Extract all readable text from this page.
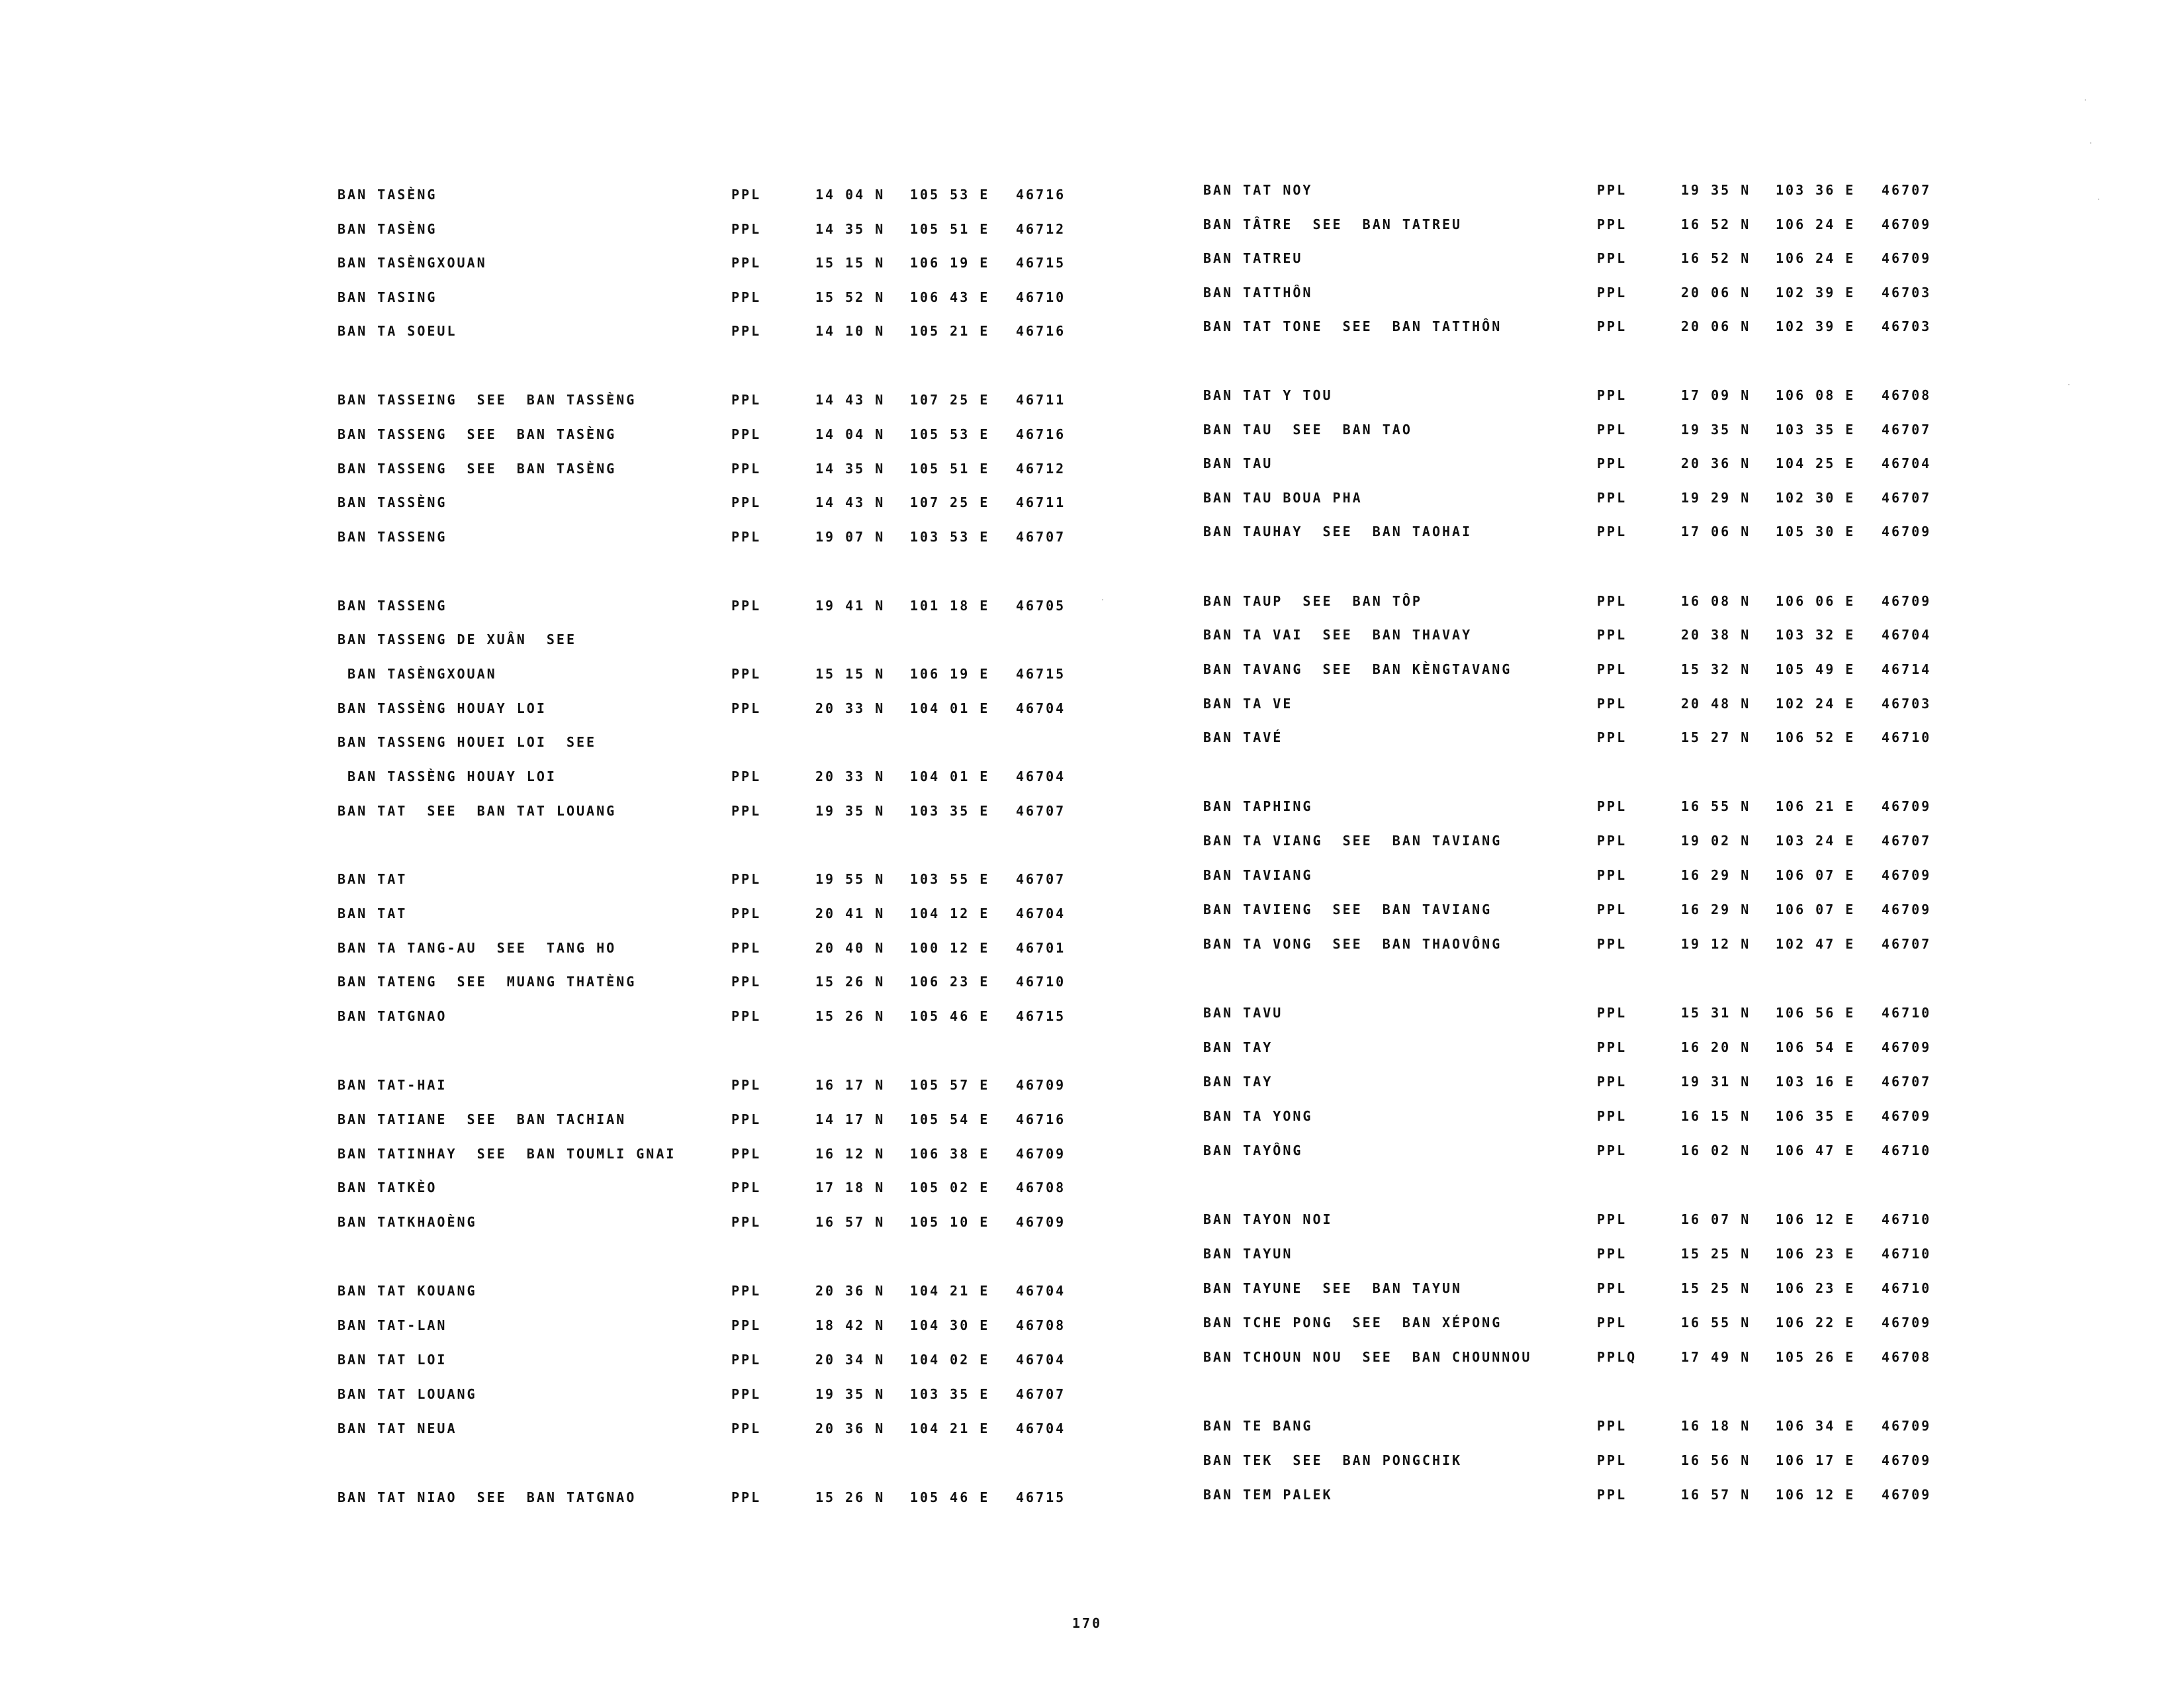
BAN TASÈNG	PPL	14 04 N 105 53 E 46716
BAN TASÈNG	PPL	14 35 N 105 51 E 46712
BAN TASÈNGXOUAN	PPL	15 15 N 106 19 E 46715
BAN TASING	PPL	15 52 N 106 43 E 46710
BAN TA SOEUL	PPL	14 10 N 105 21 E 46716
BAN TASSEING  SEE  BAN TASSÈNG	PPL	14 43 N 107 25 E 46711
BAN TASSENG  SEE  BAN TASÈNG	PPL	14 04 N 105 53 E 46716
BAN TASSENG  SEE  BAN TASÈNG	PPL	14 35 N 105 51 E 46712
BAN TASSÈNG	PPL	14 43 N 107 25 E 46711
BAN TASSENG	PPL	19 07 N 103 53 E 46707
BAN TASSENG	PPL	19 41 N 101 18 E 46705
BAN TASSENG DE XUÂN  SEE
BAN TASÈNGXOUAN	PPL	15 15 N 106 19 E 46715
BAN TASSÈNG HOUAY LOI	PPL	20 33 N 104 01 E 46704
BAN TASSENG HOUEI LOI  SEE
BAN TASSÈNG HOUAY LOI	PPL	20 33 N 104 01 E 46704
BAN TAT  SEE  BAN TAT LOUANG	PPL	19 35 N 103 35 E 46707
BAN TAT	PPL	19 55 N 103 55 E 46707
BAN TAT	PPL	20 41 N 104 12 E 46704
BAN TA TANG-AU  SEE  TANG HO	PPL	20 40 N 100 12 E 46701
BAN TATENG  SEE  MUANG THATÈNG	PPL	15 26 N 106 23 E 46710
BAN TATGNAO	PPL	15 26 N 105 46 E 46715
BAN TAT-HAI	PPL	16 17 N 105 57 E 46709
BAN TATIANE  SEE  BAN TACHIAN	PPL	14 17 N 105 54 E 46716
BAN TATINHAY  SEE  BAN TOUMLI GNAI	PPL	16 12 N 106 38 E 46709
BAN TATKÈO	PPL	17 18 N 105 02 E 46708
BAN TATKHAOÈNG	PPL	16 57 N 105 10 E 46709
BAN TAT KOUANG	PPL	20 36 N 104 21 E 46704
BAN TAT-LAN	PPL	18 42 N 104 30 E 46708
BAN TAT LOI	PPL	20 34 N 104 02 E 46704
BAN TAT LOUANG	PPL	19 35 N 103 35 E 46707
BAN TAT NEUA	PPL	20 36 N 104 21 E 46704
BAN TAT NIAO  SEE  BAN TATGNAO	PPL	15 26 N 105 46 E 46715
BAN TAT NOY	PPL	19 35 N 103 36 E 46707
BAN TÂTRE  SEE  BAN TATREU	PPL	16 52 N 106 24 E 46709
BAN TATREU	PPL	16 52 N 106 24 E 46709
BAN TATTHÔN	PPL	20 06 N 102 39 E 46703
BAN TAT TONE  SEE  BAN TATTHÔN	PPL	20 06 N 102 39 E 46703
BAN TAT Y TOU	PPL	17 09 N 106 08 E 46708
BAN TAU  SEE  BAN TAO	PPL	19 35 N 103 35 E 46707
BAN TAU	PPL	20 36 N 104 25 E 46704
BAN TAU BOUA PHA	PPL	19 29 N 102 30 E 46707
BAN TAUHAY  SEE  BAN TAOHAI	PPL	17 06 N 105 30 E 46709
BAN TAUP  SEE  BAN TÔP	PPL	16 08 N 106 06 E 46709
BAN TA VAI  SEE  BAN THAVAY	PPL	20 38 N 103 32 E 46704
BAN TAVANG  SEE  BAN KÈNGTAVANG	PPL	15 32 N 105 49 E 46714
BAN TA VE	PPL	20 48 N 102 24 E 46703
BAN TAVÉ	PPL	15 27 N 106 52 E 46710
BAN TAPHING	PPL	16 55 N 106 21 E 46709
BAN TA VIANG  SEE  BAN TAVIANG	PPL	19 02 N 103 24 E 46707
BAN TAVIANG	PPL	16 29 N 106 07 E 46709
BAN TAVIENG  SEE  BAN TAVIANG	PPL	16 29 N 106 07 E 46709
BAN TA VONG  SEE  BAN THAOVÔNG	PPL	19 12 N 102 47 E 46707
BAN TAVU	PPL	15 31 N 106 56 E 46710
BAN TAY	PPL	16 20 N 106 54 E 46709
BAN TAY	PPL	19 31 N 103 16 E 46707
BAN TA YONG	PPL	16 15 N 106 35 E 46709
BAN TAYÔNG	PPL	16 02 N 106 47 E 46710
BAN TAYON NOI	PPL	16 07 N 106 12 E 46710
BAN TAYUN	PPL	15 25 N 106 23 E 46710
BAN TAYUNE  SEE  BAN TAYUN	PPL	15 25 N 106 23 E 46710
BAN TCHE PONG  SEE  BAN XÉPONG	PPL	16 55 N 106 22 E 46709
BAN TCHOUN NOU  SEE  BAN CHOUNNOU	PPLQ	17 49 N 105 26 E 46708
BAN TE BANG	PPL	16 18 N 106 34 E 46709
BAN TEK  SEE  BAN PONGCHIK	PPL	16 56 N 106 17 E 46709
BAN TEM PALEK	PPL	16 57 N 106 12 E 46709
170
